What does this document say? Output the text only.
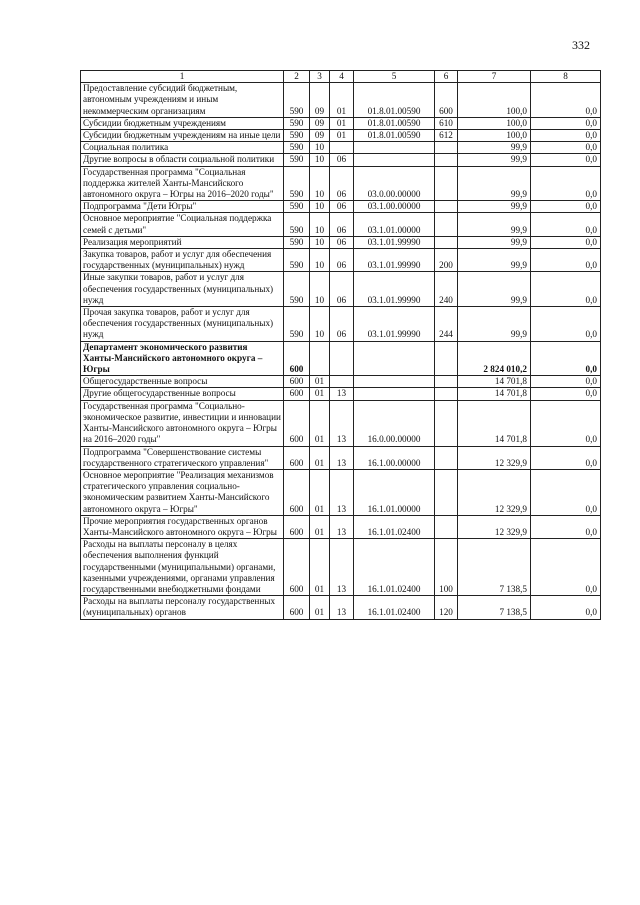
332
1	2	3	4	5	6	7	8
Предоставление субсидий бюджетным, автономным учреждениям и иным некоммерческим организациям	590	09	01	01.8.01.00590	600	100,0	0,0
Субсидии бюджетным учреждениям	590	09	01	01.8.01.00590	610	100,0	0,0
Субсидии бюджетным учреждениям на иные цели	590	09	01	01.8.01.00590	612	100,0	0,0
Социальная политика	590	10				99,9	0,0
Другие вопросы в области социальной политики	590	10	06			99,9	0,0
Государственная программа "Социальная поддержка жителей Ханты-Мансийского автономного округа – Югры на 2016–2020 годы"	590	10	06	03.0.00.00000		99,9	0,0
Подпрограмма "Дети Югры"	590	10	06	03.1.00.00000		99,9	0,0
Основное мероприятие "Социальная поддержка семей с детьми"	590	10	06	03.1.01.00000		99,9	0,0
Реализация мероприятий	590	10	06	03.1.01.99990		99,9	0,0
Закупка товаров, работ и услуг для обеспечения государственных (муниципальных) нужд	590	10	06	03.1.01.99990	200	99,9	0,0
Иные закупки товаров, работ и услуг для обеспечения государственных (муниципальных) нужд	590	10	06	03.1.01.99990	240	99,9	0,0
Прочая закупка товаров, работ и услуг для обеспечения государственных (муниципальных) нужд	590	10	06	03.1.01.99990	244	99,9	0,0
Департамент экономического развития Ханты-Мансийского автономного округа – Югры	600					2 824 010,2	0,0
Общегосударственные вопросы	600	01				14 701,8	0,0
Другие общегосударственные вопросы	600	01	13			14 701,8	0,0
Государственная программа "Социально-экономическое развитие, инвестиции и инновации Ханты-Мансийского автономного округа – Югры на 2016–2020 годы"	600	01	13	16.0.00.00000		14 701,8	0,0
Подпрограмма "Совершенствование системы государственного стратегического управления"	600	01	13	16.1.00.00000		12 329,9	0,0
Основное мероприятие "Реализация механизмов стратегического управления социально-экономическим развитием Ханты-Мансийского автономного округа – Югры"	600	01	13	16.1.01.00000		12 329,9	0,0
Прочие мероприятия государственных органов Ханты-Мансийского автономного округа – Югры	600	01	13	16.1.01.02400		12 329,9	0,0
Расходы на выплаты персоналу в целях обеспечения выполнения функций государственными (муниципальными) органами, казенными учреждениями, органами управления государственными внебюджетными фондами	600	01	13	16.1.01.02400	100	7 138,5	0,0
Расходы на выплаты персоналу государственных (муниципальных) органов	600	01	13	16.1.01.02400	120	7 138,5	0,0
